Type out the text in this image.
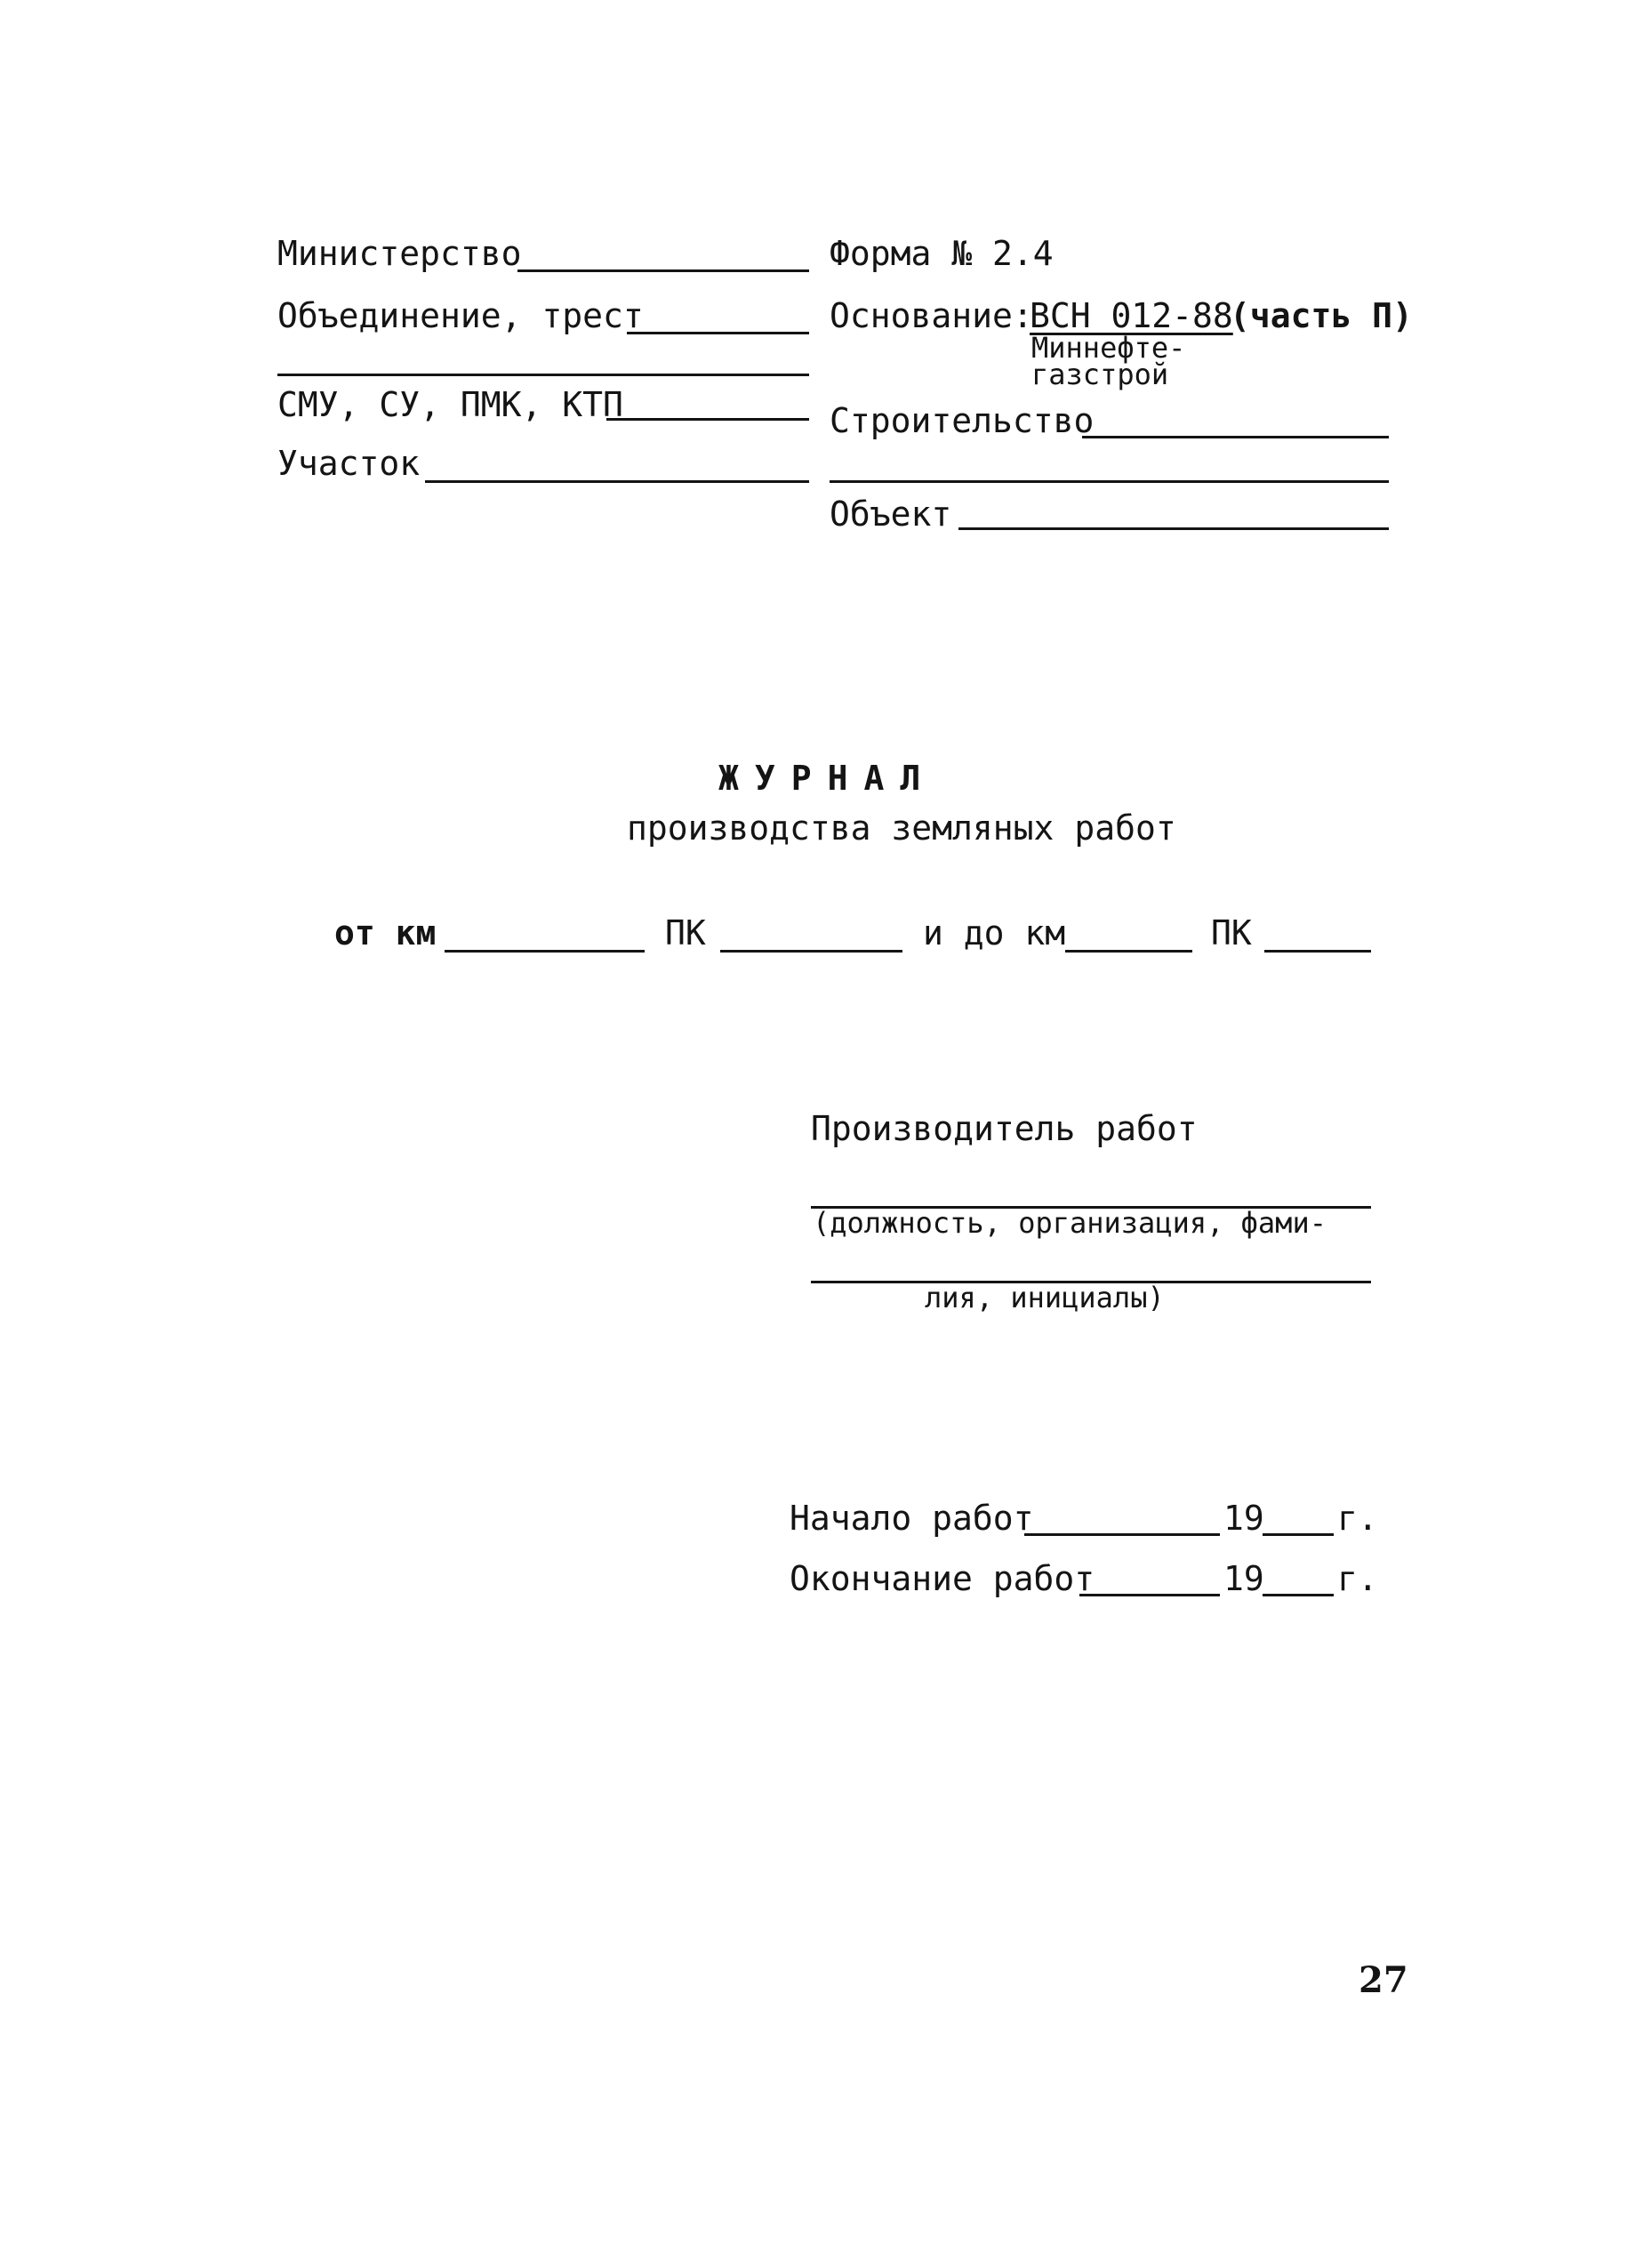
Министерство

Объединение, трест

СМУ, СУ, ПМК, КТП

Участок

Форма № 2.4

Основание:

ВСН 012-88

(часть П)

Миннефте-

газстрой

Строительство

Объект

ЖУРНАЛ

производства земляных работ

от км	ПК	и до км	ПК

Производитель работ

(должность, организация, фами-

лия, инициалы)

Начало работ	19 г.

Окончание работ	19 г.

27
